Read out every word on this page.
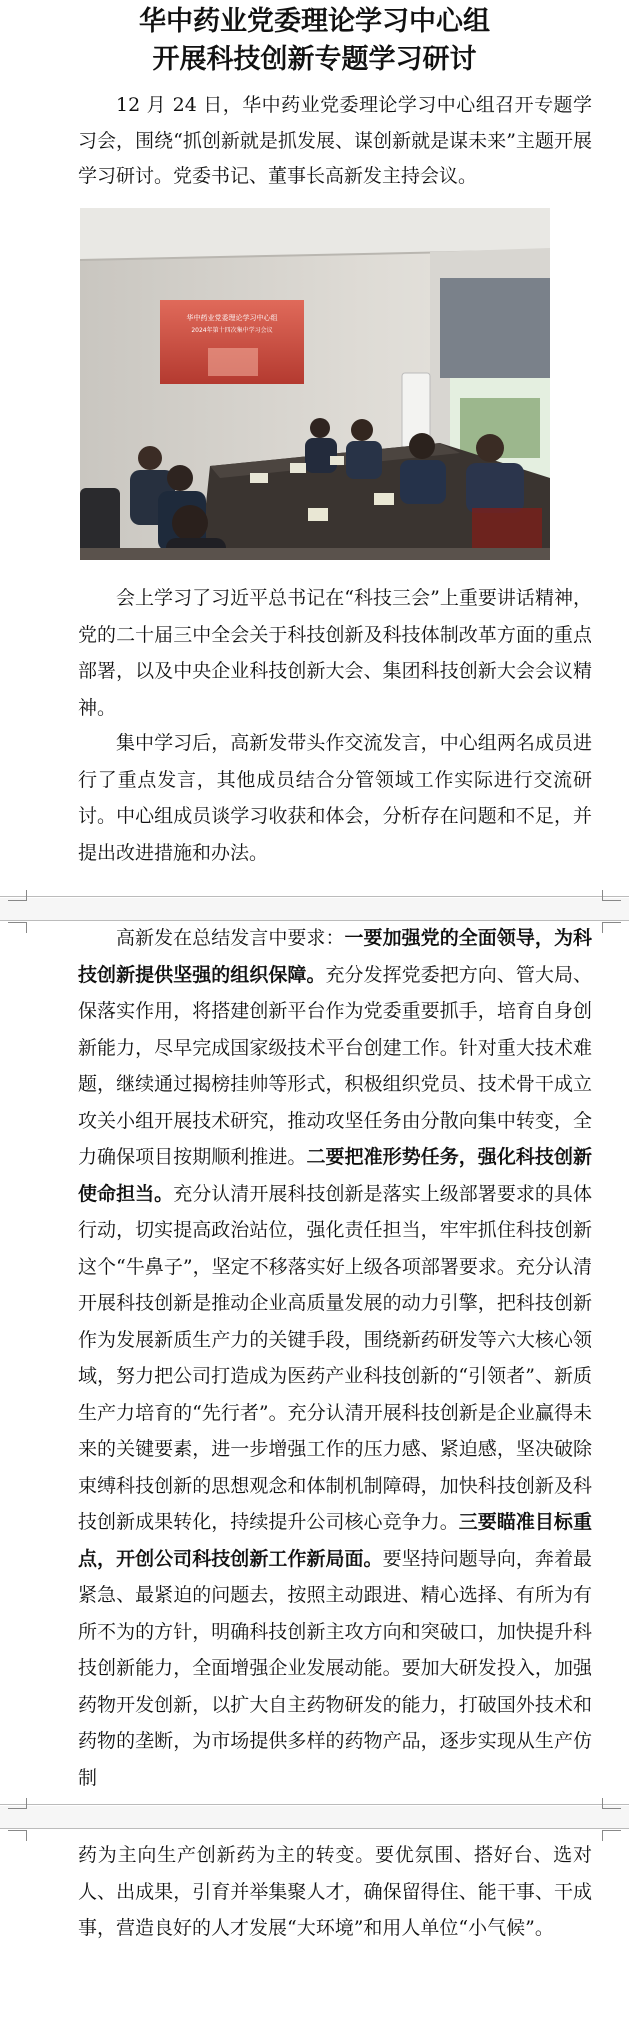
华中药业党委理论学习中心组
开展科技创新专题学习研讨

12 月 24 日，华中药业党委理论学习中心组召开专题学习会，围绕“抓创新就是抓发展、谋创新就是谋未来”主题开展学习研讨。党委书记、董事长高新发主持会议。

华中药业党委理论学习中心组
2024年第十四次集中学习会议

会上学习了习近平总书记在“科技三会”上重要讲话精神，党的二十届三中全会关于科技创新及科技体制改革方面的重点部署，以及中央企业科技创新大会、集团科技创新大会会议精神。

集中学习后，高新发带头作交流发言，中心组两名成员进行了重点发言，其他成员结合分管领域工作实际进行交流研讨。中心组成员谈学习收获和体会，分析存在问题和不足，并提出改进措施和办法。

高新发在总结发言中要求：一要加强党的全面领导，为科技创新提供坚强的组织保障。充分发挥党委把方向、管大局、保落实作用，将搭建创新平台作为党委重要抓手，培育自身创新能力，尽早完成国家级技术平台创建工作。针对重大技术难题，继续通过揭榜挂帅等形式，积极组织党员、技术骨干成立攻关小组开展技术研究，推动攻坚任务由分散向集中转变，全力确保项目按期顺利推进。二要把准形势任务，强化科技创新使命担当。充分认清开展科技创新是落实上级部署要求的具体行动，切实提高政治站位，强化责任担当，牢牢抓住科技创新这个“牛鼻子”，坚定不移落实好上级各项部署要求。充分认清开展科技创新是推动企业高质量发展的动力引擎，把科技创新作为发展新质生产力的关键手段，围绕新药研发等六大核心领域，努力把公司打造成为医药产业科技创新的“引领者”、新质生产力培育的“先行者”。充分认清开展科技创新是企业赢得未来的关键要素，进一步增强工作的压力感、紧迫感，坚决破除束缚科技创新的思想观念和体制机制障碍，加快科技创新及科技创新成果转化，持续提升公司核心竞争力。三要瞄准目标重点，开创公司科技创新工作新局面。要坚持问题导向，奔着最紧急、最紧迫的问题去，按照主动跟进、精心选择、有所为有所不为的方针，明确科技创新主攻方向和突破口，加快提升科技创新能力，全面增强企业发展动能。要加大研发投入，加强药物开发创新，以扩大自主药物研发的能力，打破国外技术和药物的垄断，为市场提供多样的药物产品，逐步实现从生产仿制

药为主向生产创新药为主的转变。要优氛围、搭好台、选对人、出成果，引育并举集聚人才，确保留得住、能干事、干成事，营造良好的人才发展“大环境”和用人单位“小气候”。
